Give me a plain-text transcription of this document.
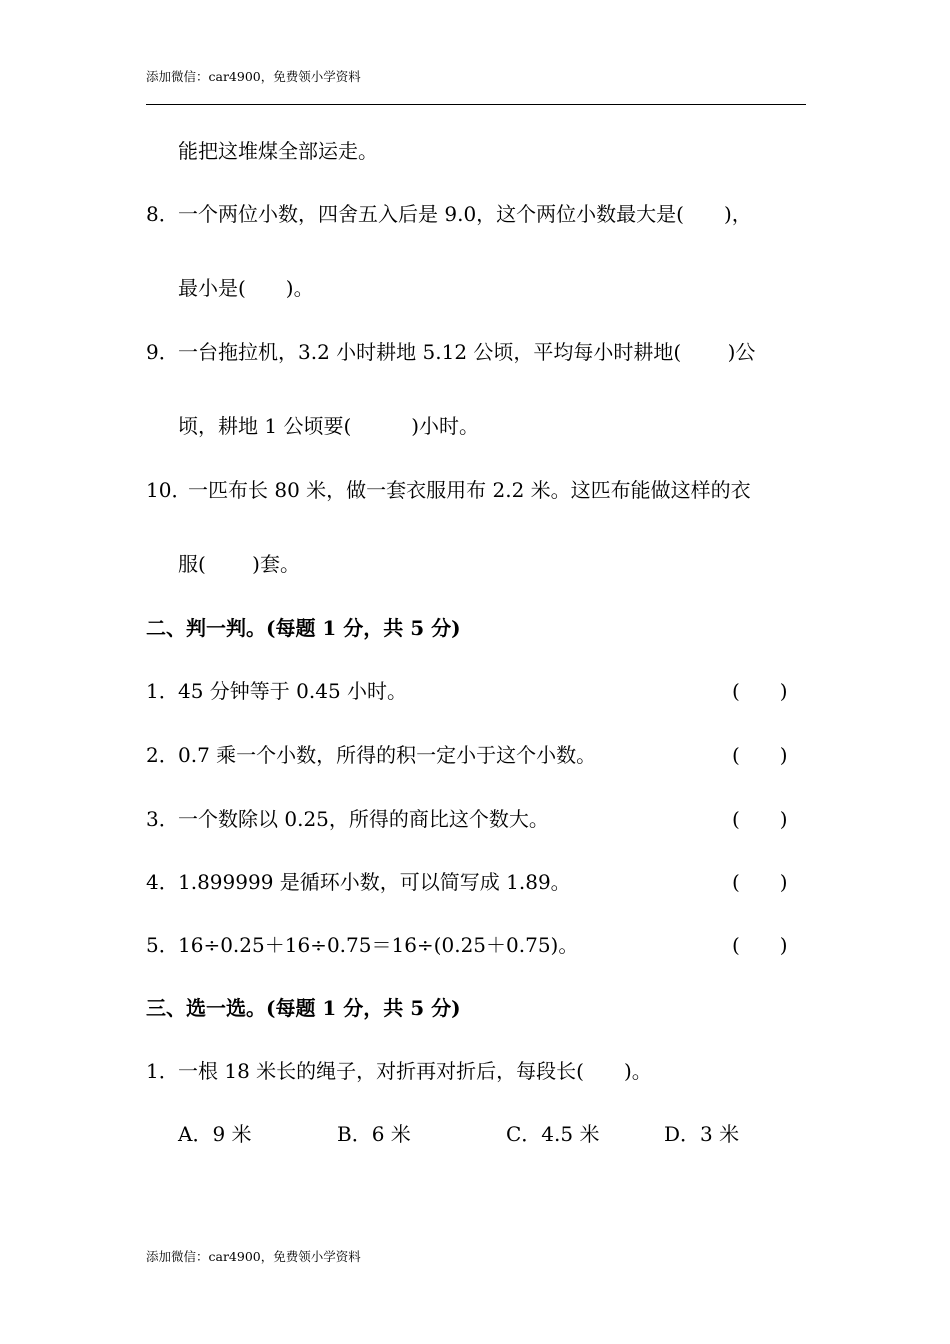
添加微信：car4900，免费领小学资料
能把这堆煤全部运走。
8． 一个两位小数，四舍五入后是 9.0，这个两位小数最大是(　　)，
最小是(　　)。
9． 一台拖拉机，3.2 小时耕地 5.12 公顷，平均每小时耕地(　　 )公
顷，耕地 1 公顷要(　　　)小时。
10．
一匹布长 80 米，做一套衣服用布 2.2 米。这匹布能做这样的衣
服(　　 )套。
二、判一判。(每题 1 分，共 5 分)
1． 45 分钟等于 0.45 小时。	(　　)
2． 0.7 乘一个小数，所得的积一定小于这个小数。	(　　)
3． 一个数除以 0.25，所得的商比这个数大。	(　　)
4． 1.899999 是循环小数，可以简写成 1.89。	(　　)
5． 16÷0.25＋16÷0.75＝16÷(0.25＋0.75)。	(　　)
三、选一选。(每题 1 分，共 5 分)
1． 一根 18 米长的绳子，对折再对折后，每段长(　　)。
A．9 米	B．6 米	C．4.5 米	D．3 米
添加微信：car4900，免费领小学资料
